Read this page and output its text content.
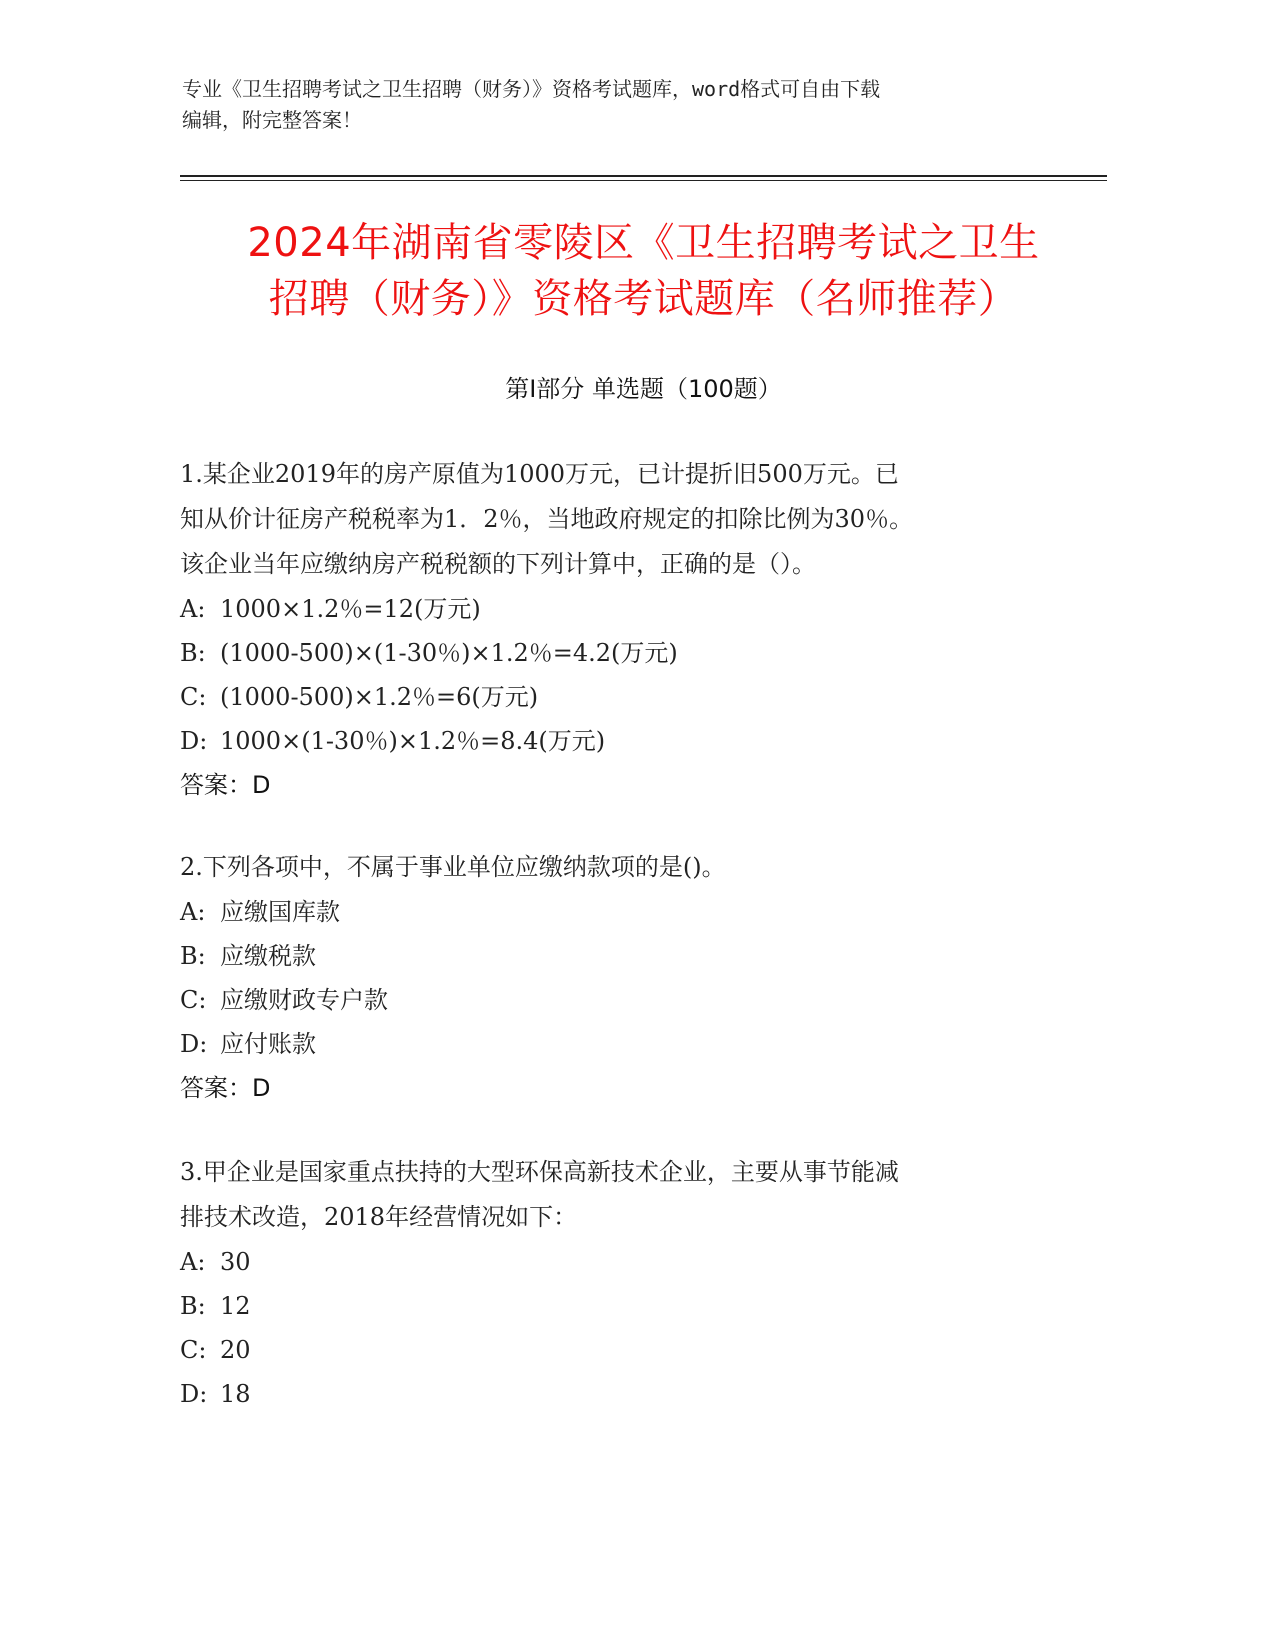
专业《卫生招聘考试之卫生招聘（财务）》资格考试题库，word格式可自由下载
编辑，附完整答案！
2024年湖南省零陵区《卫生招聘考试之卫生
招聘（财务）》资格考试题库（名师推荐）
第Ⅰ部分 单选题（100题）
1.某企业2019年的房产原值为1000万元，已计提折旧500万元。已
知从价计征房产税税率为1．2％，当地政府规定的扣除比例为30％。
该企业当年应缴纳房产税税额的下列计算中，正确的是（）。
A: 1000×1.2％=12(万元)
B: (1000-500)×(1-30％)×1.2％=4.2(万元)
C: (1000-500)×1.2％=6(万元)
D: 1000×(1-30％)×1.2％=8.4(万元)
答案：D
2.下列各项中，不属于事业单位应缴纳款项的是()。
A: 应缴国库款
B: 应缴税款
C: 应缴财政专户款
D: 应付账款
答案：D
3.甲企业是国家重点扶持的大型环保高新技术企业，主要从事节能减
排技术改造，2018年经营情况如下：
A: 30
B: 12
C: 20
D: 18
